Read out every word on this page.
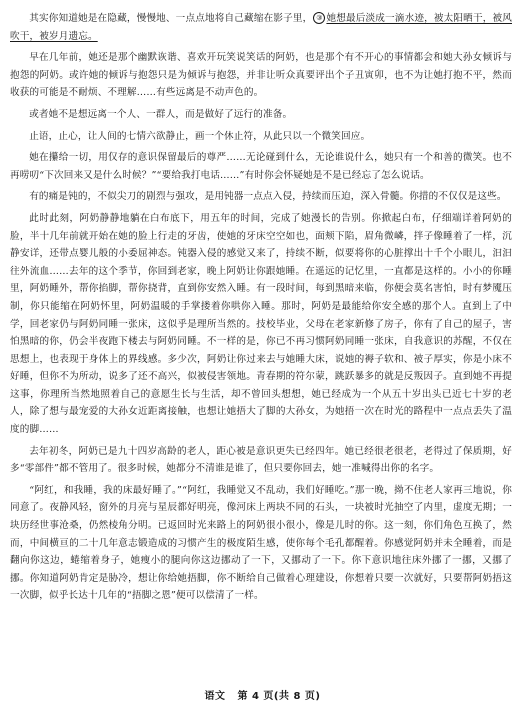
其实你知道她是在隐藏，慢慢地、一点点地将自己藏缩在影子里， ③ 她想最后淡成一滴水迹，被太阳晒干，被风吹干，被岁月遗忘。

早在几年前，她还是那个幽默诙谐、喜欢开玩笑说笑话的阿奶，也是那个有不开心的事情都会和她大孙女倾诉与抱怨的阿奶。或许她的倾诉与抱怨只是为倾诉与抱怨，并非让听众真要评出个子丑寅卯，也不为让她打抱不平，然而收获的可能是不耐烦、不理解……有些远离是不动声色的。

或者她不是想远离一个人、一群人，而是做好了远行的准备。

止语，止心，让人间的七情六欲静止，画一个休止符，从此只以一个微笑回应。

她在攥给一切，用仅存的意识保留最后的尊严……无论碰到什么，无论谁说什么，她只有一个和善的微笑。也不再唠叨“下次回来又是什么时候？”“要给我打电话……”有时你会怀疑她是不是已经忘了怎么说话。

有的痛是钝的，不似尖刀的剧烈与强攻，是用钝器一点点入侵，持续而压迫，深入骨髓。你措的不仅仅是这些。

此时此刻，阿奶静静地躺在白布底下，用五年的时间，完成了她漫长的告别。你掀起白布，仔细端详着阿奶的脸，半十几年前就开始在她的脸上行走的牙齿，使她的牙床空空如也，面颊下陷，眉角微嶙，拌子像睡着了一样，沉静安详，还带点婴儿般的小委屈神态。钝器入侵的感觉又来了，持续不断，似要将你的心脏撑出十千个小眼儿，汩汩往外流血……去年的这个季节，你回到老家，晚上阿奶让你跟她睡。在遥远的记忆里，一直都是这样的。小小的你睡里，阿奶睡外，帮你掐脚，帮你挠背，直到你安然入睡。有一段时间，每到黑暗来临，你便会莫名害怕，时有梦魇压制，你只能缩在阿奶怀里，阿奶温暖的手掌搂着你哄你入睡。那时，阿奶是最能给你安全感的那个人。直到上了中学，回老家仍与阿奶同睡一张床，这似乎是理所当然的。技校毕业，父母在老家新修了房子，你有了自己的屋子，害怕黑暗的你，仍会半夜跑下楼去与阿奶同睡。不一样的是，你已不再习惯阿奶同睡一张床，自我意识的苏醒，不仅在思想上，也表现于身体上的界线感。多少次，阿奶让你过来去与她睡大床，说她的褥子软和、被子厚实，你是小床不好睡，但你不为所动，说多了还不高兴，似被侵害领地。青春期的符尔蒙，跳跃暴多的就是反叛因子。直到她不再提这事，你理所当然地照着自己的意愿生长与生活，却不曾回头想想，她已经成为一个从五十岁出头已近七十岁的老人，除了想与最宠爱的大孙女近距离接触，也想让她捂大了脚的大孙女，为她捂一次在时光的路程中一点点丢失了温度的脚……

去年初冬，阿奶已是九十四岁高龄的老人，距心被是意识更失已经四年。她已经很老很老，老得过了保质期，好多“零部件”都不管用了。很多时候，她都分不清谁是谁了，但只要你回去，她一准喊得出你的名字。

“阿红，和我睡，我的床最好睡了。”“阿红，我睡觉又不乱动，我们好睡吃。”那一晚，拗不住老人家再三地说，你同意了。夜静风轻，窗外的月亮与星辰都好明亮，像河床上两块不同的石头，一块被时光抽空了内里，虚度无期；一块历经世事沧桑，仍然棱角分明。已返回时光来路上的阿奶很小很小，像是儿时的你。这一刻，你们角色互换了，然而，中间横亘的二十几年意志锻造成的习惯产生的极度陌生感，使你每个毛孔都醒着。你感觉阿奶并未全睡着，而是翻向你这边，蜷缩着身子，她瘦小的腿向你这边挪动了一下，又挪动了一下。你下意识地往床外挪了一挪，又挪了挪。你知道阿奶肯定是胁冷，想让你给她捂脚，你不断给自己做着心理建设，你想着只要一次就好，只要帮阿奶捂这一次脚，似乎长达十几年的“捂脚之恩”便可以偿清了一样。

语文 第 4 页(共 8 页)
